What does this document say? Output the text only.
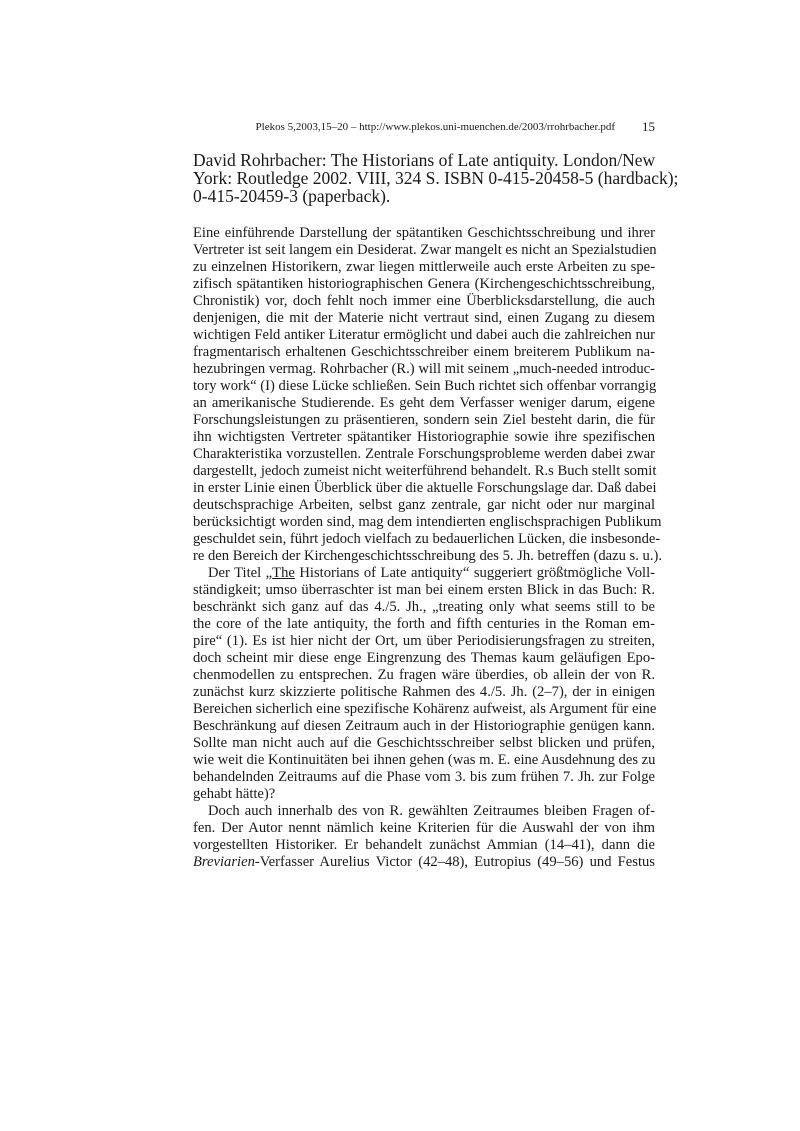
Plekos 5,2003,15–20 – http://www.plekos.uni-muenchen.de/2003/rrohrbacher.pdf 15
David Rohrbacher: The Historians of Late antiquity. London/New
York: Routledge 2002. VIII, 324 S. ISBN 0-415-20458-5 (hardback);
0-415-20459-3 (paperback).
Eine einführende Darstellung der spätantiken Geschichtsschreibung und ihrer
Vertreter ist seit langem ein Desiderat. Zwar mangelt es nicht an Spezialstudien
zu einzelnen Historikern, zwar liegen mittlerweile auch erste Arbeiten zu spe-
zifisch spätantiken historiographischen Genera (Kirchengeschichtsschreibung,
Chronistik) vor, doch fehlt noch immer eine Überblicksdarstellung, die auch
denjenigen, die mit der Materie nicht vertraut sind, einen Zugang zu diesem
wichtigen Feld antiker Literatur ermöglicht und dabei auch die zahlreichen nur
fragmentarisch erhaltenen Geschichtsschreiber einem breiterem Publikum na-
hezubringen vermag. Rohrbacher (R.) will mit seinem „much-needed introduc-
tory work“ (I) diese Lücke schließen. Sein Buch richtet sich offenbar vorrangig
an amerikanische Studierende. Es geht dem Verfasser weniger darum, eigene
Forschungsleistungen zu präsentieren, sondern sein Ziel besteht darin, die für
ihn wichtigsten Vertreter spätantiker Historiographie sowie ihre spezifischen
Charakteristika vorzustellen. Zentrale Forschungsprobleme werden dabei zwar
dargestellt, jedoch zumeist nicht weiterführend behandelt. R.s Buch stellt somit
in erster Linie einen Überblick über die aktuelle Forschungslage dar. Daß dabei
deutschsprachige Arbeiten, selbst ganz zentrale, gar nicht oder nur marginal
berücksichtigt worden sind, mag dem intendierten englischsprachigen Publikum
geschuldet sein, führt jedoch vielfach zu bedauerlichen Lücken, die insbesonde-
re den Bereich der Kirchengeschichtsschreibung des 5. Jh. betreffen (dazu s. u.).
Der Titel „The Historians of Late antiquity“ suggeriert größtmögliche Voll-
ständigkeit; umso überraschter ist man bei einem ersten Blick in das Buch: R.
beschränkt sich ganz auf das 4./5. Jh., „treating only what seems still to be
the core of the late antiquity, the forth and fifth centuries in the Roman em-
pire“ (1). Es ist hier nicht der Ort, um über Periodisierungsfragen zu streiten,
doch scheint mir diese enge Eingrenzung des Themas kaum geläufigen Epo-
chenmodellen zu entsprechen. Zu fragen wäre überdies, ob allein der von R.
zunächst kurz skizzierte politische Rahmen des 4./5. Jh. (2–7), der in einigen
Bereichen sicherlich eine spezifische Kohärenz aufweist, als Argument für eine
Beschränkung auf diesen Zeitraum auch in der Historiographie genügen kann.
Sollte man nicht auch auf die Geschichtsschreiber selbst blicken und prüfen,
wie weit die Kontinuitäten bei ihnen gehen (was m. E. eine Ausdehnung des zu
behandelnden Zeitraums auf die Phase vom 3. bis zum frühen 7. Jh. zur Folge
gehabt hätte)?
Doch auch innerhalb des von R. gewählten Zeitraumes bleiben Fragen of-
fen. Der Autor nennt nämlich keine Kriterien für die Auswahl der von ihm
vorgestellten Historiker. Er behandelt zunächst Ammian (14–41), dann die
Breviarien-Verfasser Aurelius Victor (42–48), Eutropius (49–56) und Festus
